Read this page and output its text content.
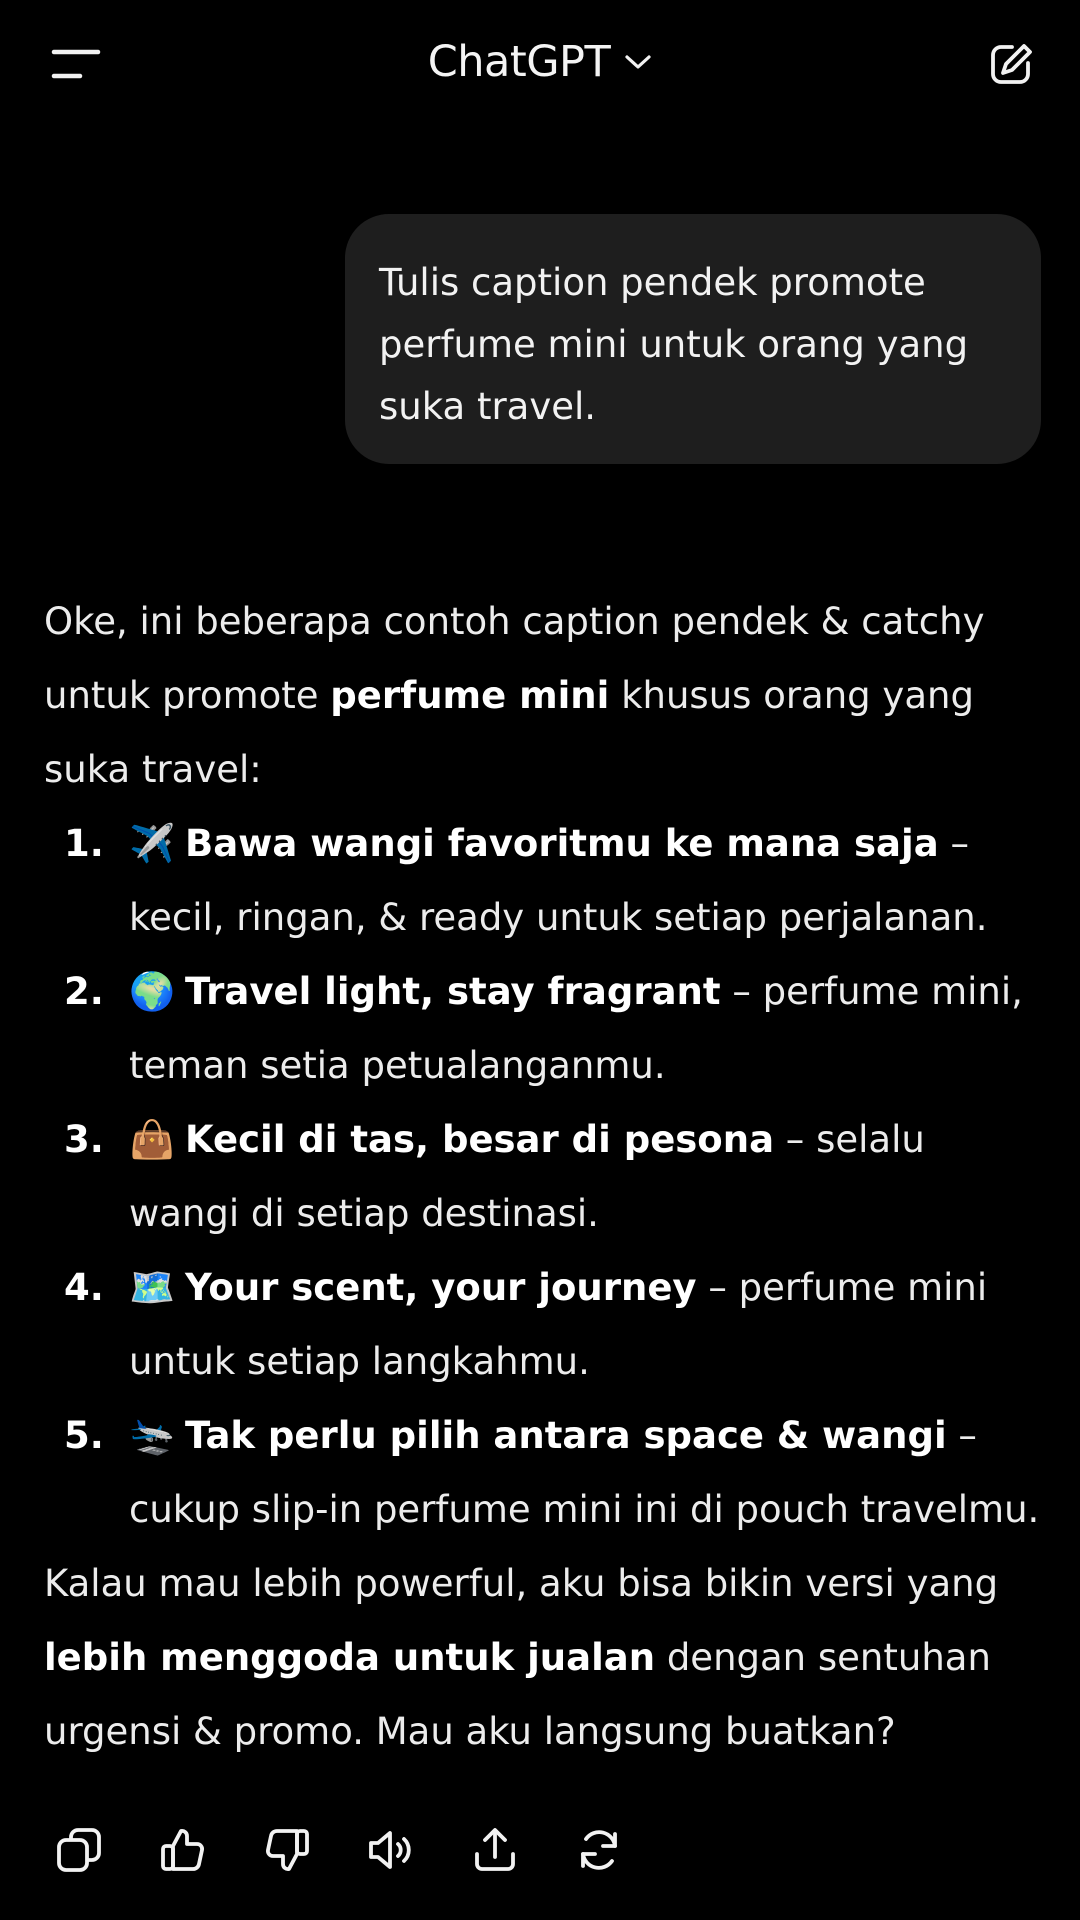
ChatGPT
Tulis caption pendek promote perfume mini untuk orang yang suka travel.

Oke, ini beberapa contoh caption pendek & catchy untuk promote perfume mini khusus orang yang suka travel:

1. ✈️ Bawa wangi favoritmu ke mana saja – kecil, ringan, & ready untuk setiap perjalanan.
2. 🌍 Travel light, stay fragrant – perfume mini, teman setia petualanganmu.
3. 👜 Kecil di tas, besar di pesona – selalu wangi di setiap destinasi.
4. 🗺️ Your scent, your journey – perfume mini untuk setiap langkahmu.
5. 🛬 Tak perlu pilih antara space & wangi – cukup slip-in perfume mini ini di pouch travelmu.

Kalau mau lebih powerful, aku bisa bikin versi yang lebih menggoda untuk jualan dengan sentuhan urgensi & promo. Mau aku langsung buatkan?
